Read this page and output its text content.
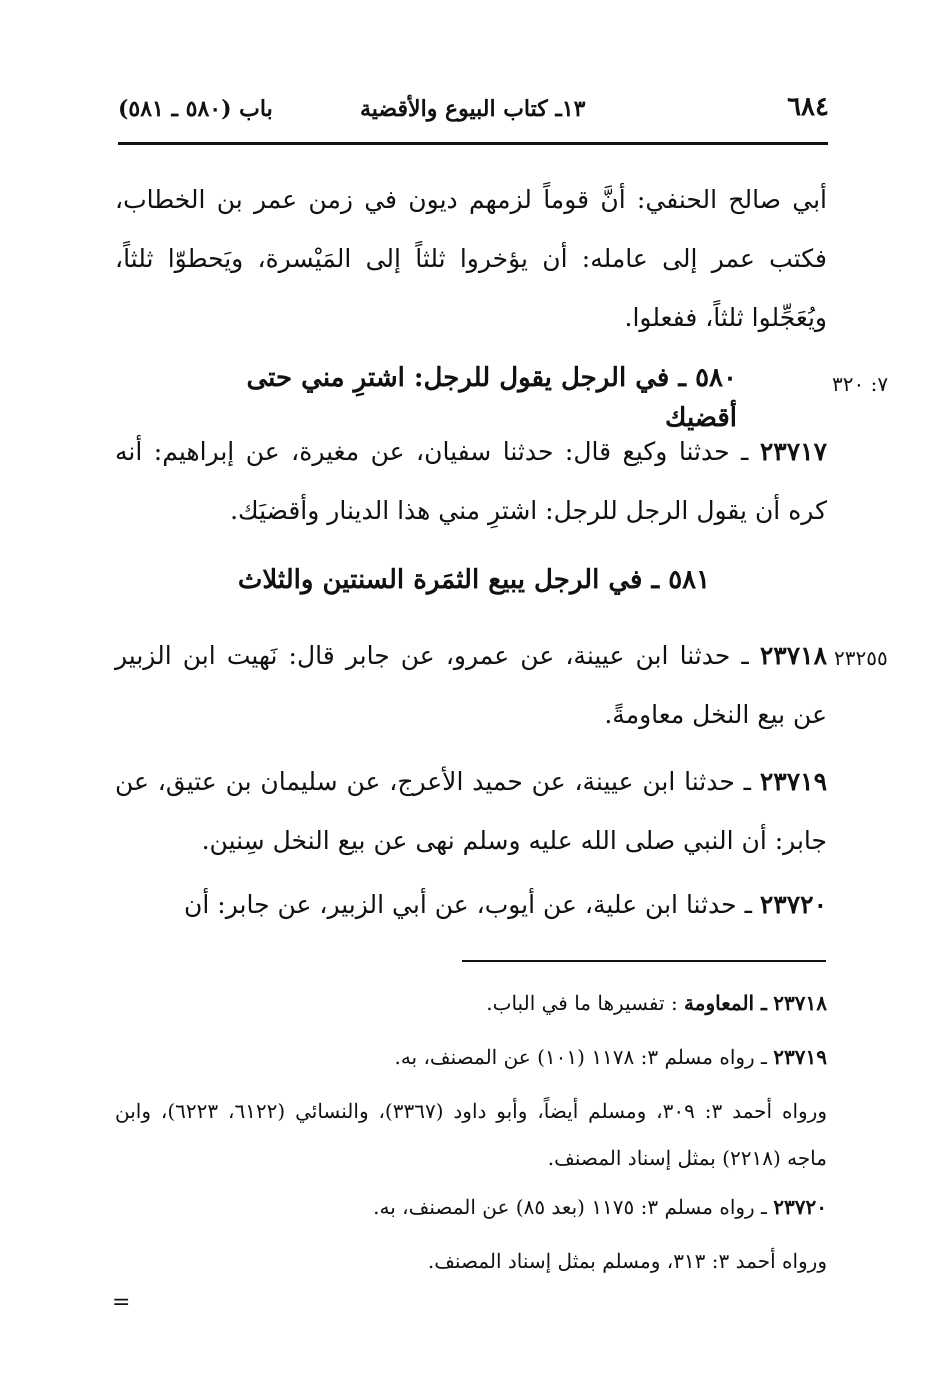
٦٨٤
١٣ـ كتاب البيوع والأقضية
باب (٥٨٠ ـ ٥٨١)
أبي صالح الحنفي: أنَّ قوماً لزمهم ديون في زمن عمر بن الخطاب، فكتب عمر إلى عامله: أن يؤخروا ثلثاً إلى المَيْسرة، ويَحطوّا ثلثاً، ويُعَجِّلوا ثلثاً، ففعلوا.
٧: ٣٢٠
٥٨٠ ـ في الرجل يقول للرجل: اشترِ مني حتى أقضيك
٢٣٧١٧ ـ حدثنا وكيع قال: حدثنا سفيان، عن مغيرة، عن إبراهيم: أنه كره أن يقول الرجل للرجل: اشترِ مني هذا الدينار وأقضيَك.
٥٨١ ـ في الرجل يبيع الثمَرة السنتين والثلاث
٢٣٢٥٥
٢٣٧١٨ ـ حدثنا ابن عيينة، عن عمرو، عن جابر قال: نَهيت ابن الزبير عن بيع النخل معاومةً.
٢٣٧١٩ ـ حدثنا ابن عيينة، عن حميد الأعرج، عن سليمان بن عتيق، عن جابر: أن النبي صلى الله عليه وسلم نهى عن بيع النخل سِنين.
٢٣٧٢٠ ـ حدثنا ابن علية، عن أيوب، عن أبي الزبير، عن جابر: أن
٢٣٧١٨ ـ المعاومة : تفسيرها ما في الباب.
٢٣٧١٩ ـ رواه مسلم ٣: ١١٧٨ (١٠١) عن المصنف، به.
ورواه أحمد ٣: ٣٠٩، ومسلم أيضاً، وأبو داود (٣٣٦٧)، والنسائي (٦١٢٢، ٦٢٢٣)، وابن ماجه (٢٢١٨) بمثل إسناد المصنف.
٢٣٧٢٠ ـ رواه مسلم ٣: ١١٧٥ (بعد ٨٥) عن المصنف، به.
ورواه أحمد ٣: ٣١٣، ومسلم بمثل إسناد المصنف.
=
